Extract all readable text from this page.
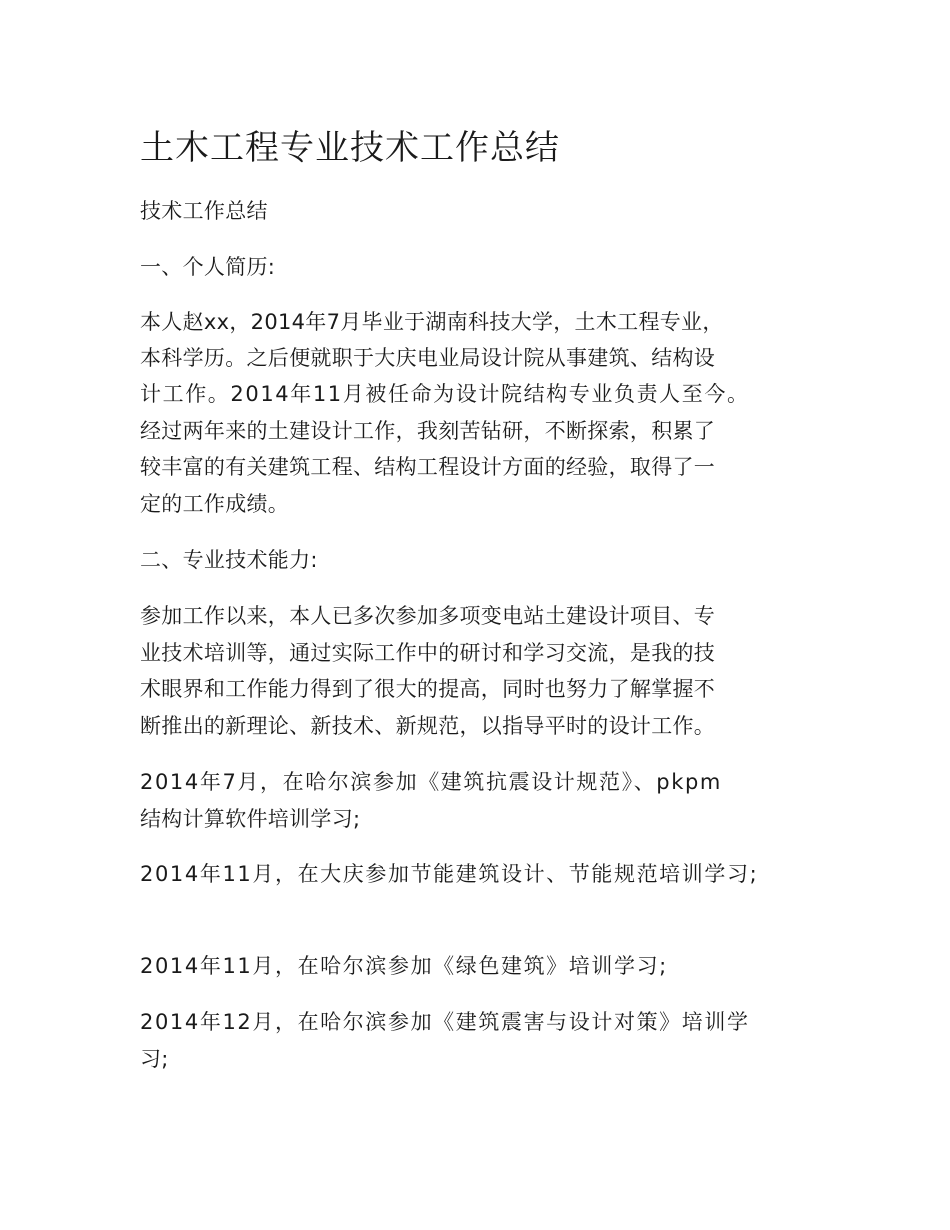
土木工程专业技术工作总结
技术工作总结
一、个人简历:
本人赵xx，2014年7月毕业于湖南科技大学，土木工程专业，
本科学历。之后便就职于大庆电业局设计院从事建筑、结构设
计工作。2014年11月被任命为设计院结构专业负责人至今。
经过两年来的土建设计工作，我刻苦钻研，不断探索，积累了
较丰富的有关建筑工程、结构工程设计方面的经验，取得了一
定的工作成绩。
二、专业技术能力:
参加工作以来，本人已多次参加多项变电站土建设计项目、专
业技术培训等，通过实际工作中的研讨和学习交流，是我的技
术眼界和工作能力得到了很大的提高，同时也努力了解掌握不
断推出的新理论、新技术、新规范，以指导平时的设计工作。
2014年7月，在哈尔滨参加《建筑抗震设计规范》、pkpm
结构计算软件培训学习;
2014年11月，在大庆参加节能建筑设计、节能规范培训学习;
2014年11月，在哈尔滨参加《绿色建筑》培训学习;
2014年12月，在哈尔滨参加《建筑震害与设计对策》培训学
习;
